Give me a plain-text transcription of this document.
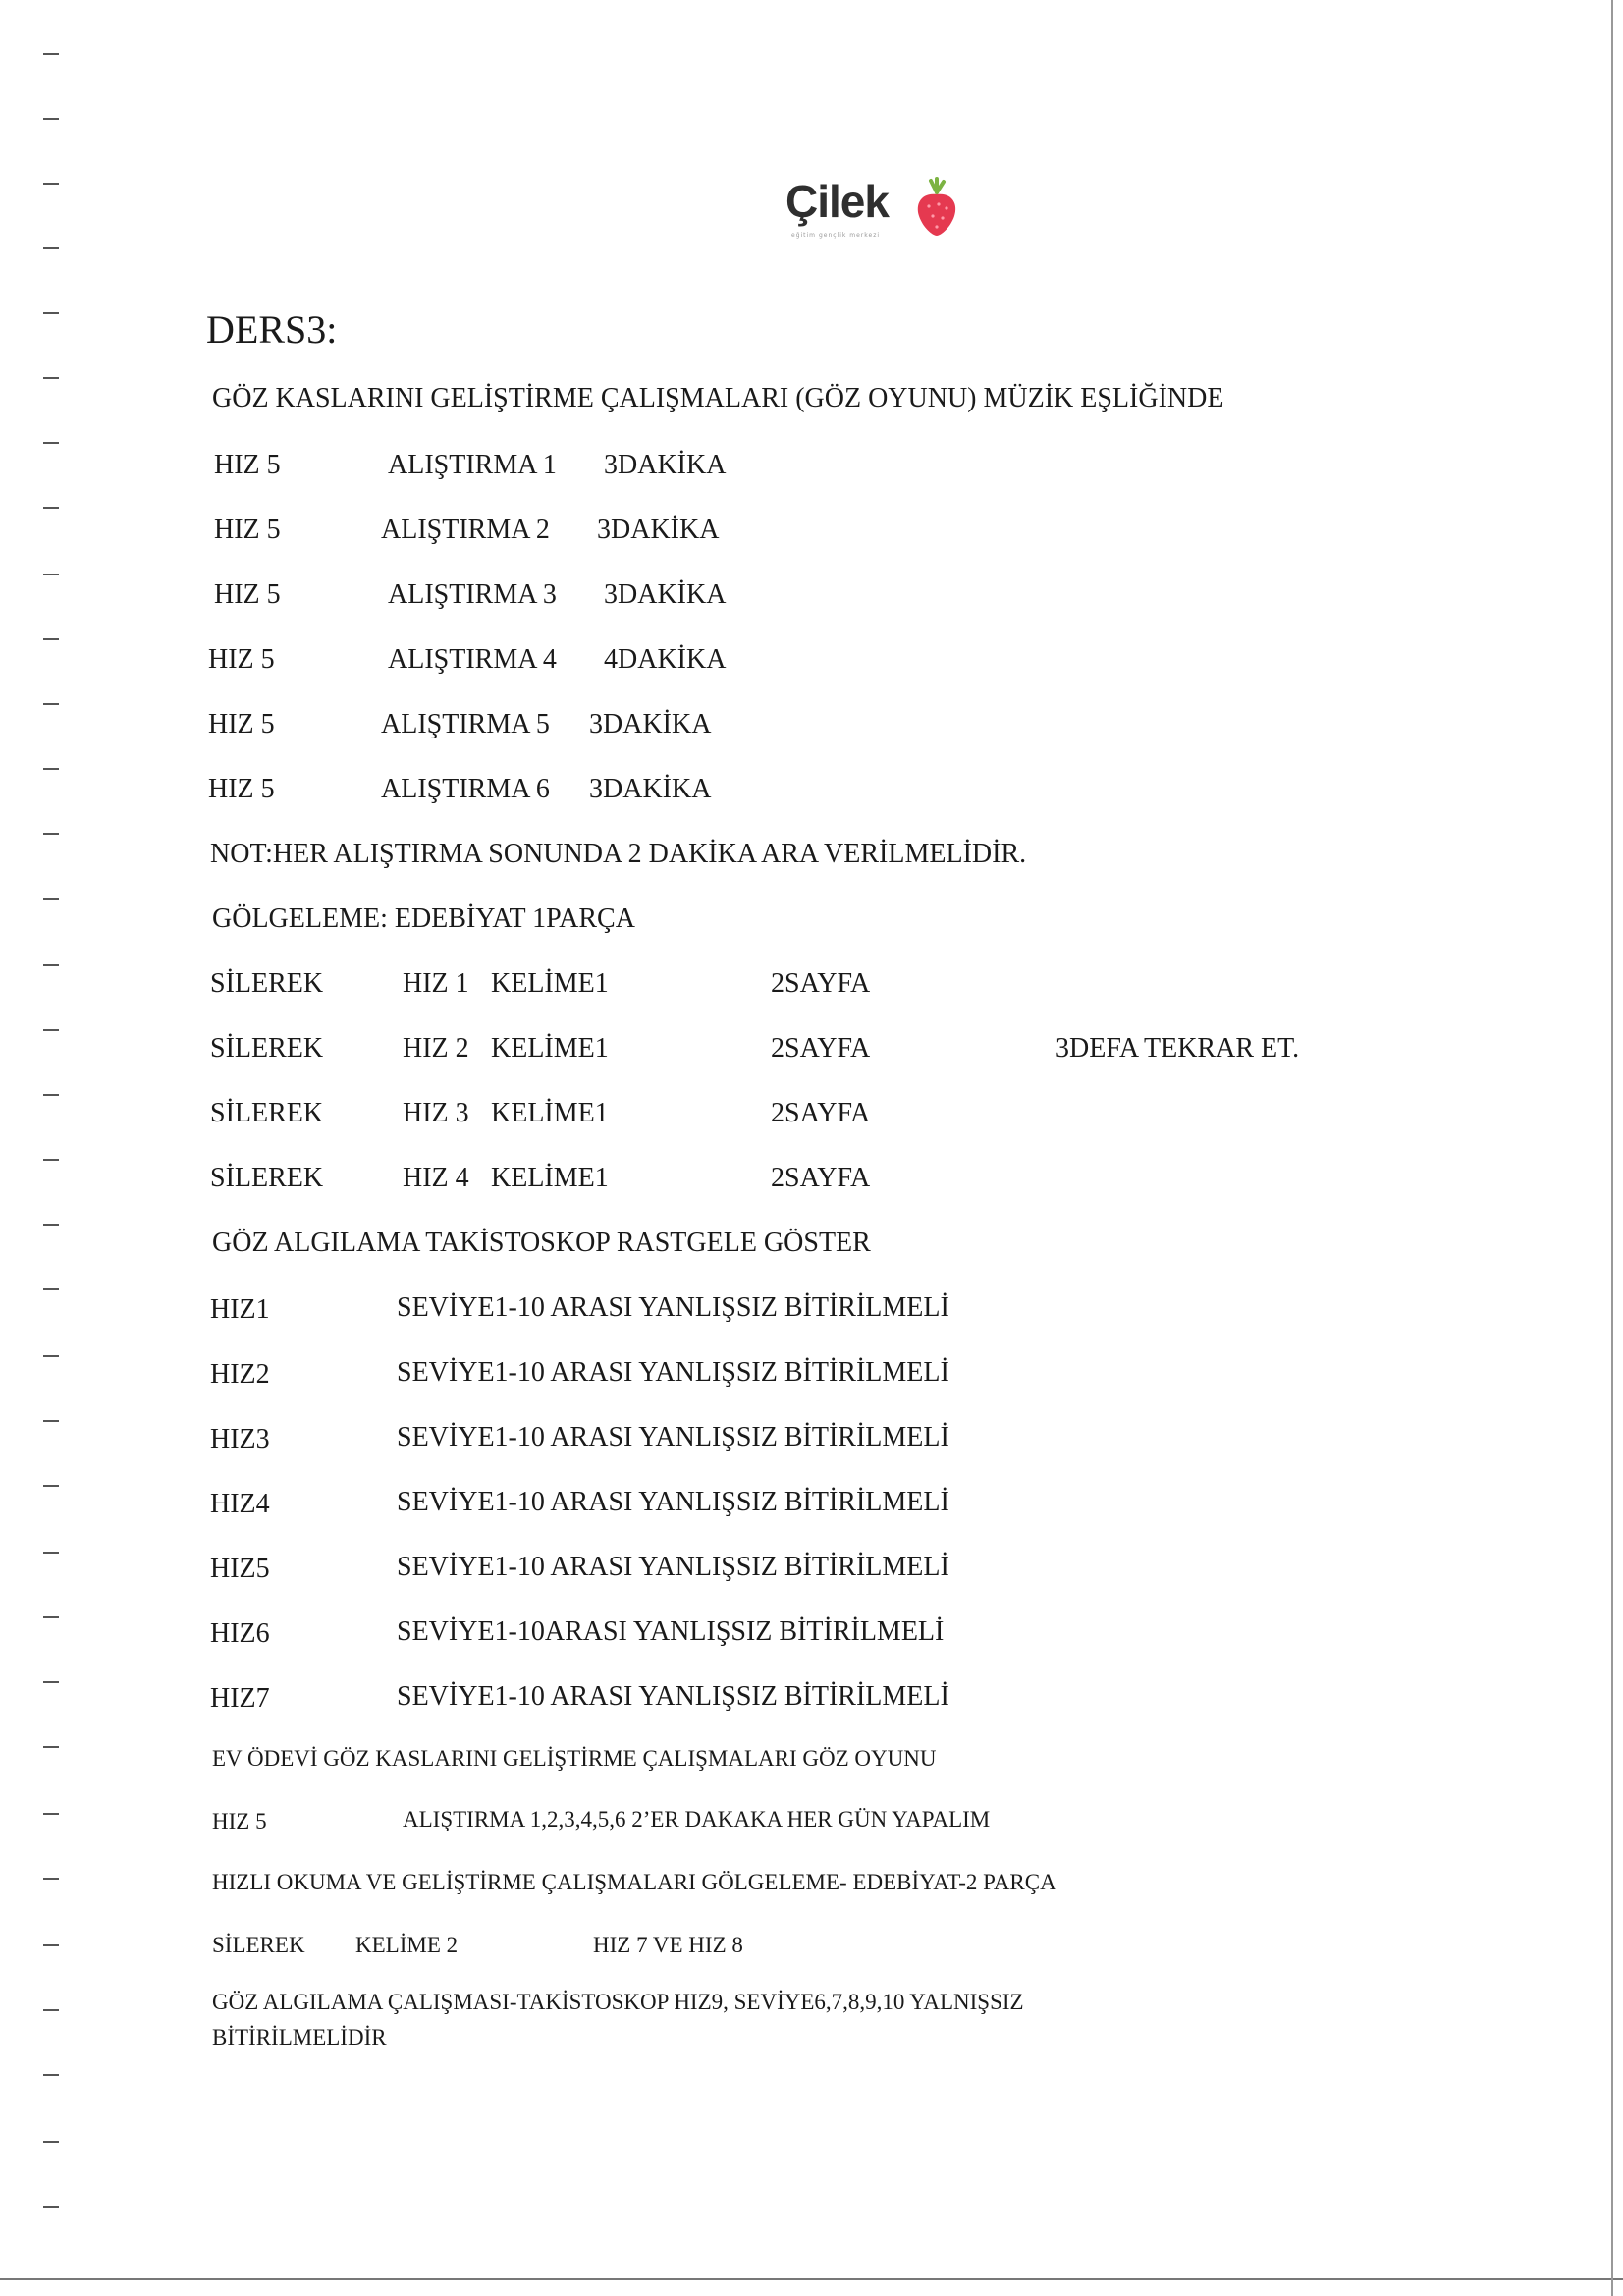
Çilek
eğitim gençlik merkezi
DERS3:
GÖZ KASLARINI GELİŞTİRME ÇALIŞMALARI (GÖZ OYUNU) MÜZİK EŞLİĞİNDE
HIZ 5	ALIŞTIRMA 1 3DAKİKA
HIZ 5	ALIŞTIRMA 2 3DAKİKA
HIZ 5	ALIŞTIRMA 3 3DAKİKA
HIZ 5	ALIŞTIRMA 4 4DAKİKA
HIZ 5	ALIŞTIRMA 5 3DAKİKA
HIZ 5	ALIŞTIRMA 6 3DAKİKA
NOT:HER ALIŞTIRMA SONUNDA 2 DAKİKA ARA VERİLMELİDİR.
GÖLGELEME: EDEBİYAT 1PARÇA
SİLEREK	HIZ 1 KELİME1	2SAYFA
SİLEREK	HIZ 2 KELİME1	2SAYFA	3DEFA TEKRAR ET.
SİLEREK	HIZ 3 KELİME1	2SAYFA
SİLEREK	HIZ 4 KELİME1	2SAYFA
GÖZ ALGILAMA TAKİSTOSKOP RASTGELE GÖSTER
HIZ1	SEVİYE1-10 ARASI YANLIŞSIZ BİTİRİLMELİ
HIZ2	SEVİYE1-10 ARASI YANLIŞSIZ BİTİRİLMELİ
HIZ3	SEVİYE1-10 ARASI YANLIŞSIZ BİTİRİLMELİ
HIZ4	SEVİYE1-10 ARASI YANLIŞSIZ BİTİRİLMELİ
HIZ5	SEVİYE1-10 ARASI YANLIŞSIZ BİTİRİLMELİ
HIZ6	SEVİYE1-10ARASI YANLIŞSIZ BİTİRİLMELİ
HIZ7	SEVİYE1-10 ARASI YANLIŞSIZ BİTİRİLMELİ
EV ÖDEVİ GÖZ KASLARINI GELİŞTİRME ÇALIŞMALARI GÖZ OYUNU
HIZ 5	ALIŞTIRMA 1,2,3,4,5,6 2’ER DAKAKA HER GÜN YAPALIM
HIZLI OKUMA VE GELİŞTİRME ÇALIŞMALARI GÖLGELEME- EDEBİYAT-2 PARÇA
SİLEREK KELİME 2	HIZ 7 VE HIZ 8
GÖZ ALGILAMA ÇALIŞMASI-TAKİSTOSKOP HIZ9, SEVİYE6,7,8,9,10 YALNIŞSIZ
BİTİRİLMELİDİR
